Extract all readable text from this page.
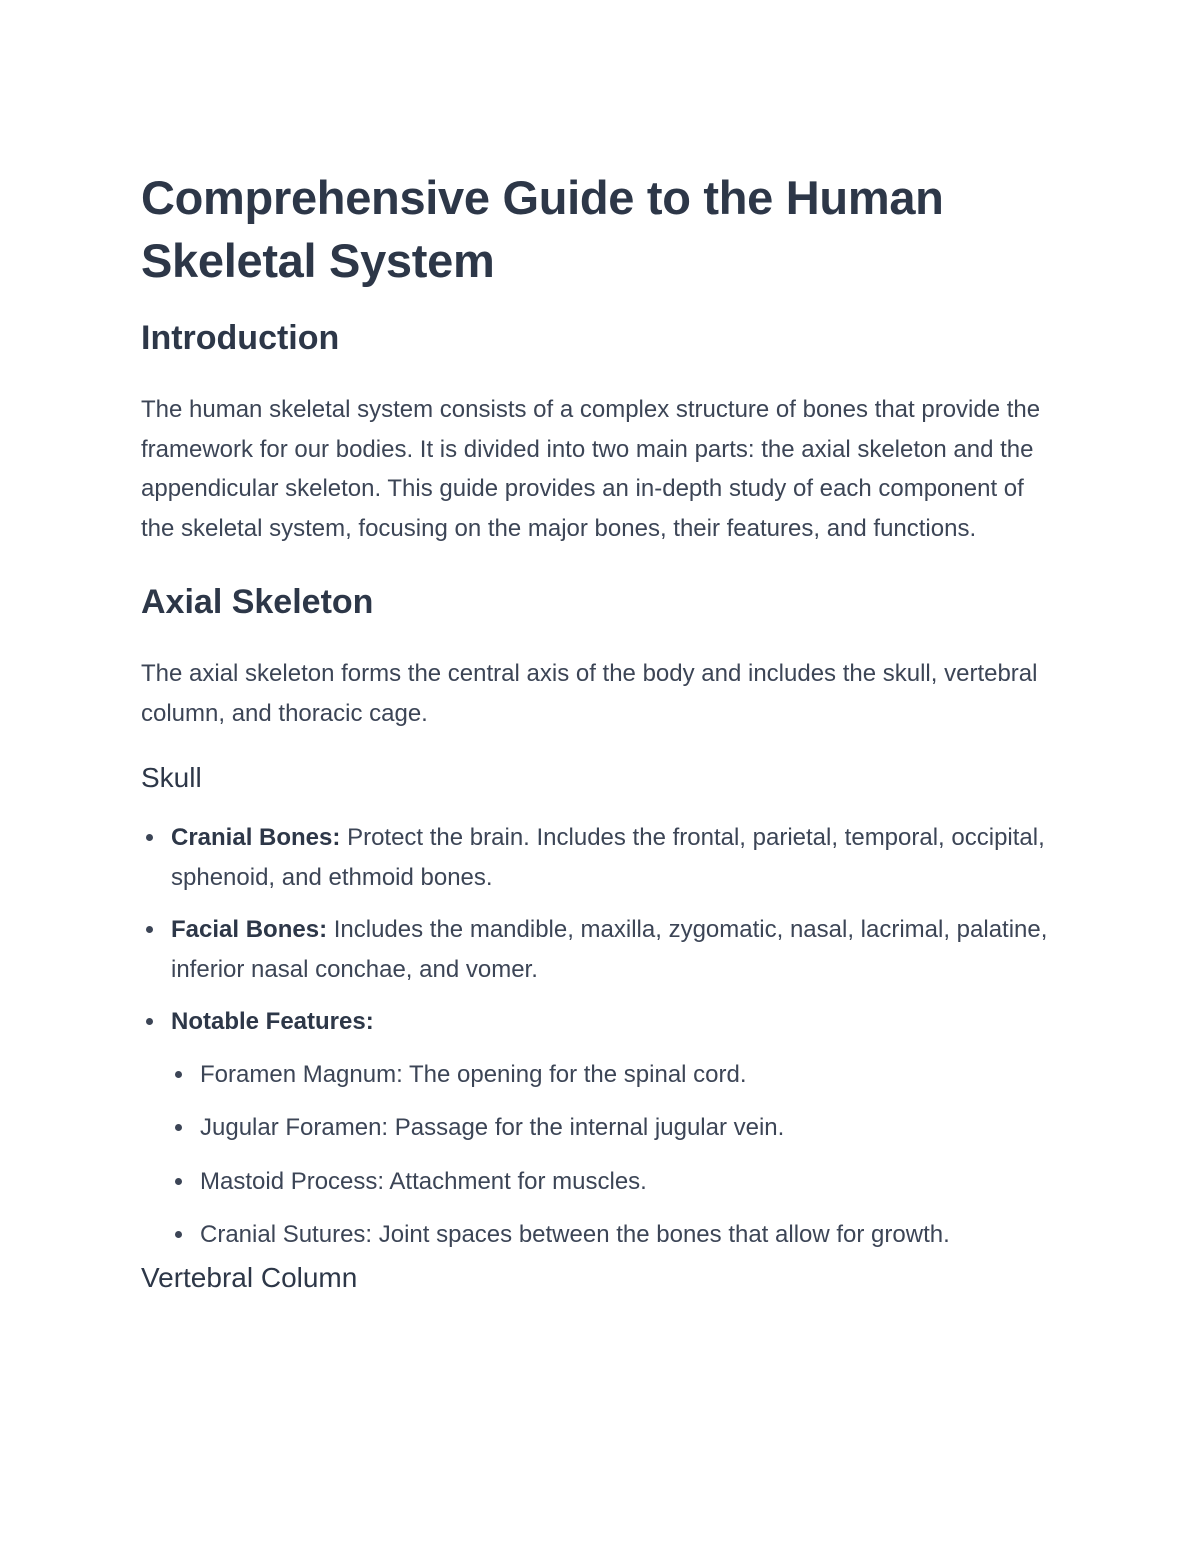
Comprehensive Guide to the Human Skeletal System
Introduction

The human skeletal system consists of a complex structure of bones that provide the framework for our bodies. It is divided into two main parts: the axial skeleton and the appendicular skeleton. This guide provides an in-depth study of each component of the skeletal system, focusing on the major bones, their features, and functions.

Axial Skeleton

The axial skeleton forms the central axis of the body and includes the skull, vertebral column, and thoracic cage.

Skull
Cranial Bones: Protect the brain. Includes the frontal, parietal, temporal, occipital, sphenoid, and ethmoid bones.
Facial Bones: Includes the mandible, maxilla, zygomatic, nasal, lacrimal, palatine, inferior nasal conchae, and vomer.
Notable Features:
Foramen Magnum: The opening for the spinal cord.
Jugular Foramen: Passage for the internal jugular vein.
Mastoid Process: Attachment for muscles.
Cranial Sutures: Joint spaces between the bones that allow for growth.
Vertebral Column
